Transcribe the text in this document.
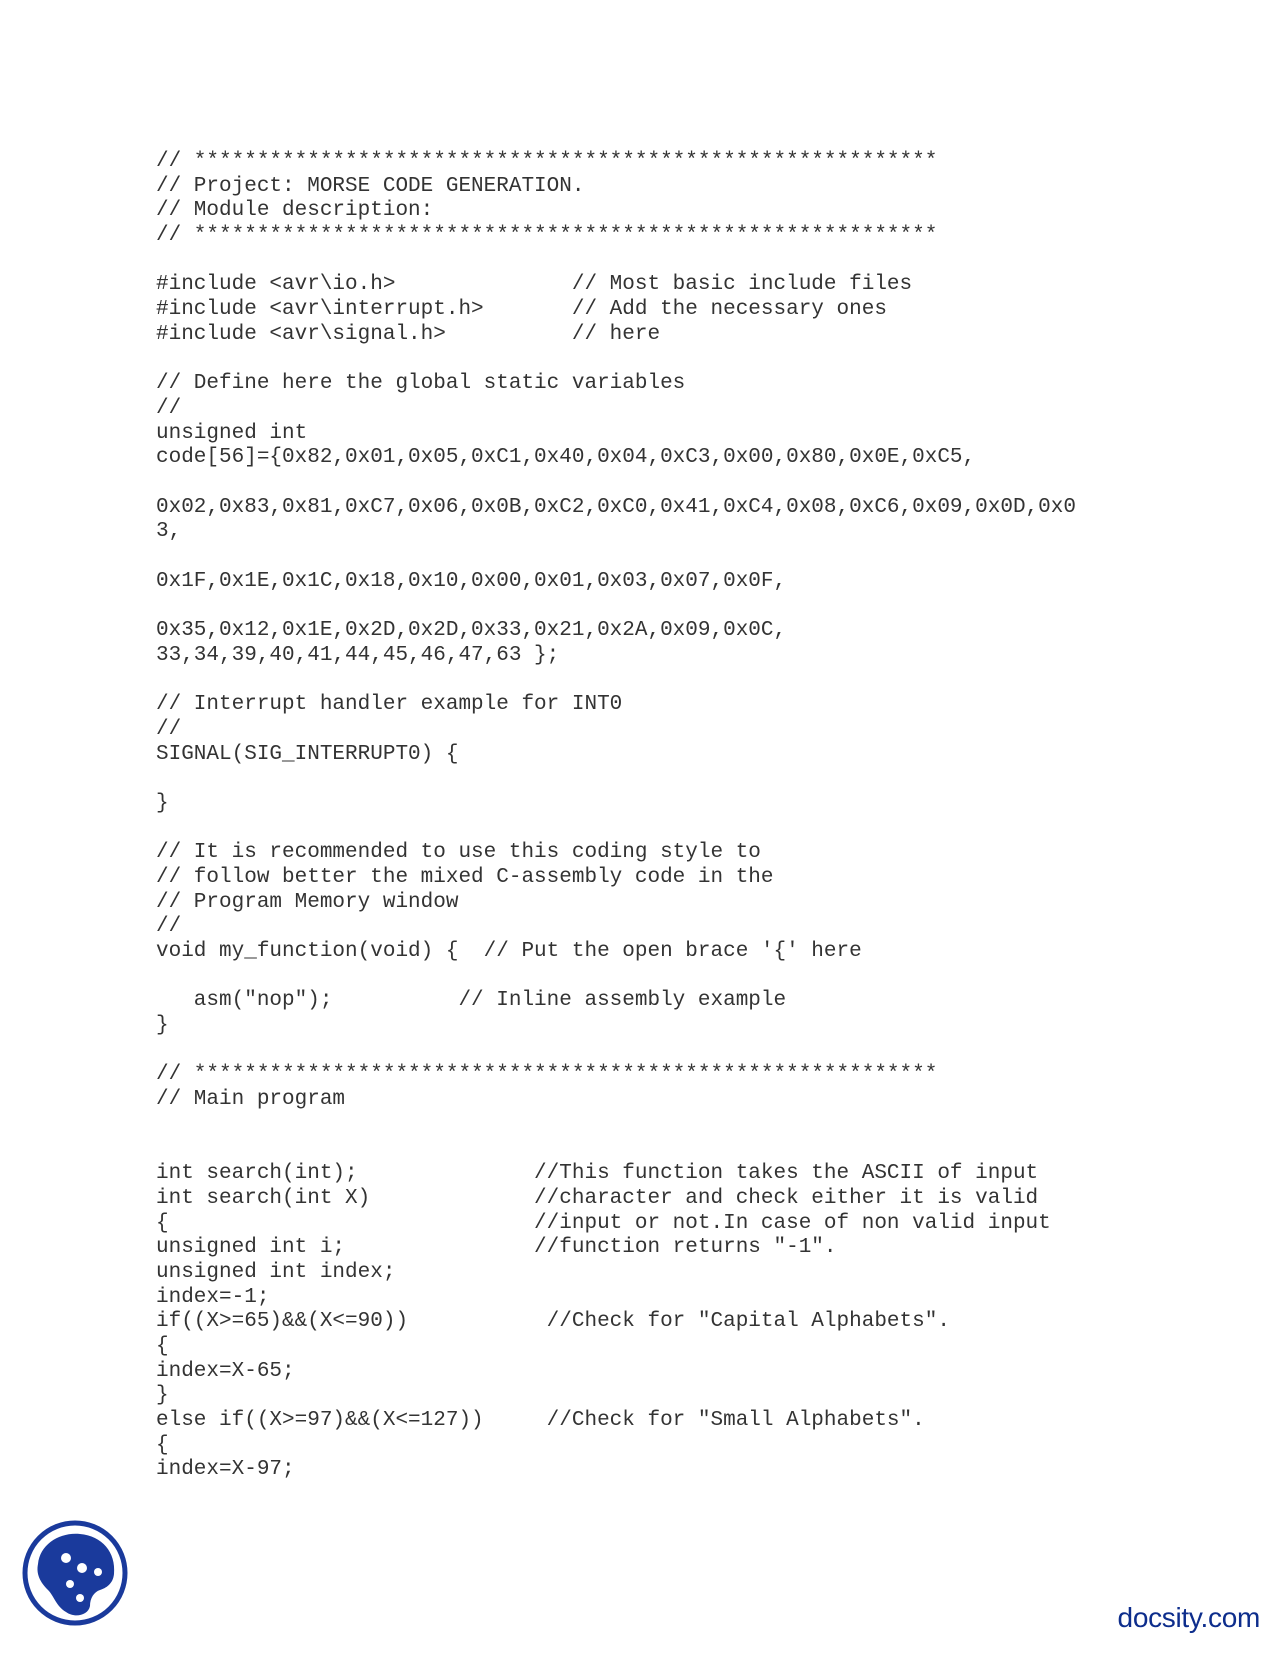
// ***********************************************************
// Project: MORSE CODE GENERATION.
// Module description:
// ***********************************************************
#include <avr\io.h>              // Most basic include files
#include <avr\interrupt.h>       // Add the necessary ones
#include <avr\signal.h>          // here
// Define here the global static variables
//
unsigned int
code[56]={0x82,0x01,0x05,0xC1,0x40,0x04,0xC3,0x00,0x80,0x0E,0xC5,
0x02,0x83,0x81,0xC7,0x06,0x0B,0xC2,0xC0,0x41,0xC4,0x08,0xC6,0x09,0x0D,0x0
3,
0x1F,0x1E,0x1C,0x18,0x10,0x00,0x01,0x03,0x07,0x0F,
0x35,0x12,0x1E,0x2D,0x2D,0x33,0x21,0x2A,0x09,0x0C,
33,34,39,40,41,44,45,46,47,63 };
// Interrupt handler example for INT0
//
SIGNAL(SIG_INTERRUPT0) {
}
// It is recommended to use this coding style to
// follow better the mixed C-assembly code in the
// Program Memory window
//
void my_function(void) {  // Put the open brace '{' here
asm("nop");          // Inline assembly example
}
// ***********************************************************
// Main program
int search(int);              //This function takes the ASCII of input
int search(int X)             //character and check either it is valid
{                             //input or not.In case of non valid input
unsigned int i;               //function returns "-1".
unsigned int index;
index=-1;
if((X>=65)&&(X<=90))           //Check for "Capital Alphabets".
{
index=X-65;
}
else if((X>=97)&&(X<=127))     //Check for "Small Alphabets".
{
index=X-97;
docsity.com
